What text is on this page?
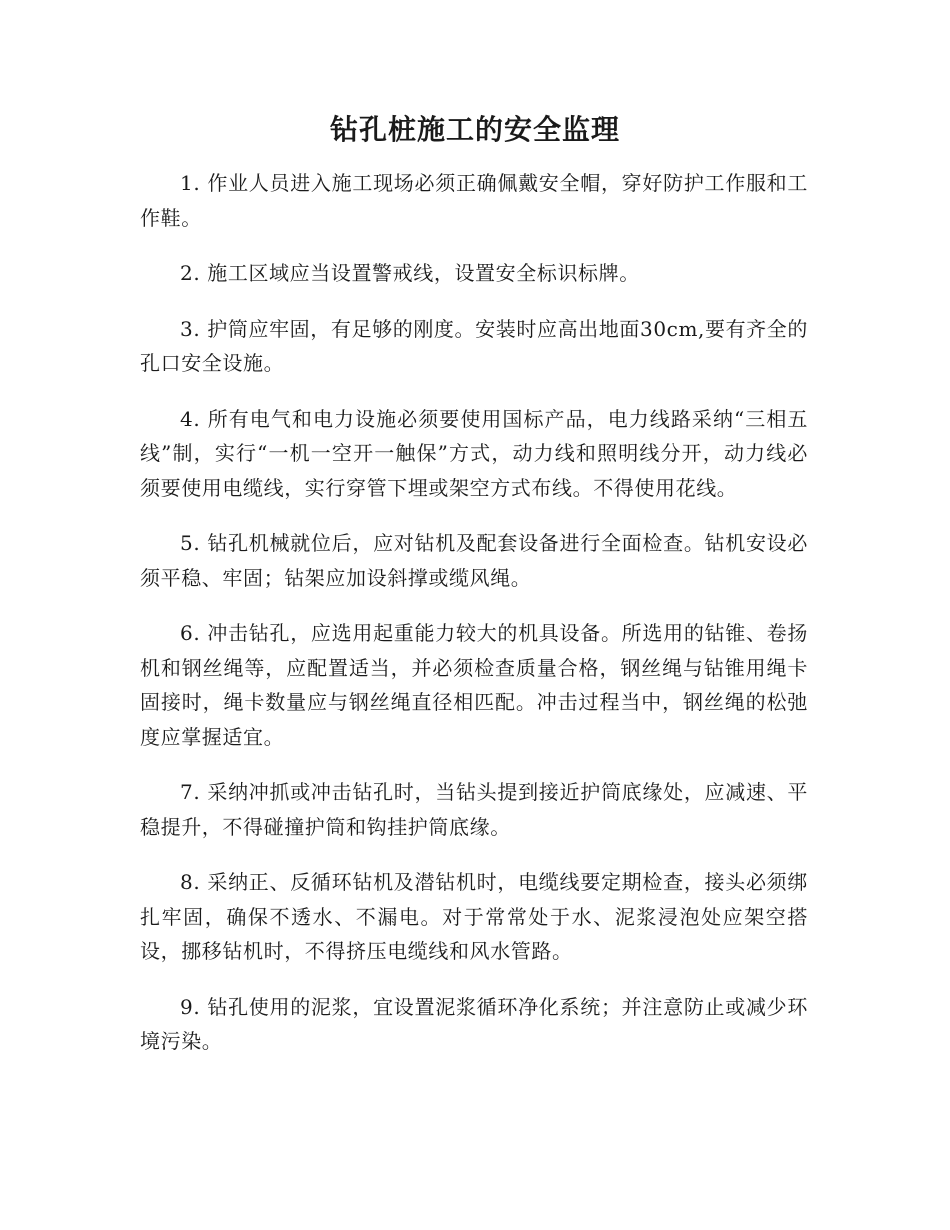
钻孔桩施工的安全监理

1. 作业人员进入施工现场必须正确佩戴安全帽，穿好防护工作服和工作鞋。

2. 施工区域应当设置警戒线，设置安全标识标牌。

3. 护筒应牢固，有足够的刚度。安装时应高出地面30cm,要有齐全的孔口安全设施。

4. 所有电气和电力设施必须要使用国标产品，电力线路采纳“三相五线”制，实行“一机一空开一触保”方式，动力线和照明线分开，动力线必须要使用电缆线，实行穿管下埋或架空方式布线。不得使用花线。

5. 钻孔机械就位后，应对钻机及配套设备进行全面检查。钻机安设必须平稳、牢固；钻架应加设斜撑或缆风绳。

6. 冲击钻孔，应选用起重能力较大的机具设备。所选用的钻锥、卷扬机和钢丝绳等，应配置适当，并必须检查质量合格，钢丝绳与钻锥用绳卡固接时，绳卡数量应与钢丝绳直径相匹配。冲击过程当中，钢丝绳的松弛度应掌握适宜。

7. 采纳冲抓或冲击钻孔时，当钻头提到接近护筒底缘处，应减速、平稳提升，不得碰撞护筒和钩挂护筒底缘。

8. 采纳正、反循环钻机及潜钻机时，电缆线要定期检查，接头必须绑扎牢固，确保不透水、不漏电。对于常常处于水、泥浆浸泡处应架空搭设，挪移钻机时，不得挤压电缆线和风水管路。

9. 钻孔使用的泥浆，宜设置泥浆循环净化系统；并注意防止或减少环境污染。
